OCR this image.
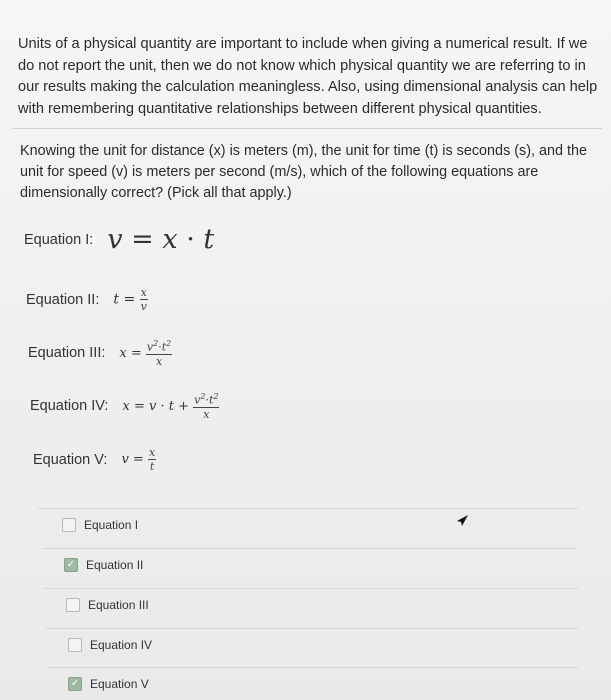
Units of a physical quantity are important to include when giving a numerical result. If we do not report the unit, then we do not know which physical quantity we are referring to in our results making the calculation meaningless. Also, using dimensional analysis can help with remembering quantitative relationships between different physical quantities.
Knowing the unit for distance (x) is meters (m), the unit for time (t) is seconds (s), and the unit for speed (v) is meters per second (m/s), which of the following equations are dimensionally correct? (Pick all that apply.)
Equation I: v = x · t
Equation II: $t = \frac{x}{v}$
Equation III: $x = \frac{v^2\cdot t^2}{x}$
Equation IV: $x = v \cdot t + \frac{v^2\cdot t^2}{x}$
Equation V: $v = \frac{x}{t}$
Equation I
✓ Equation II
Equation III
Equation IV
✓ Equation V
